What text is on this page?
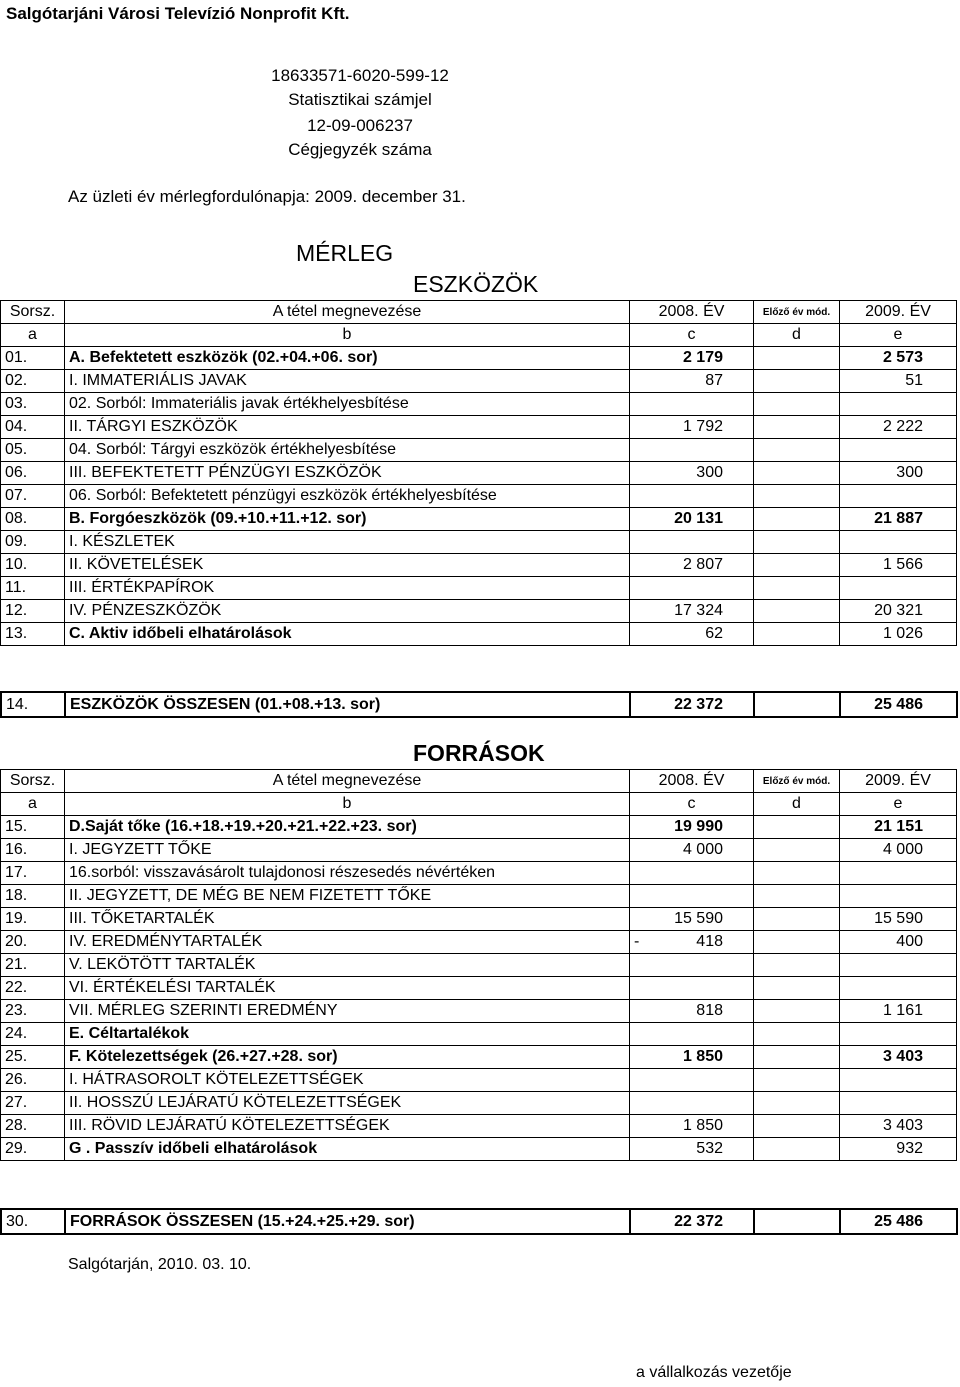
Salgótarjáni Városi Televízió Nonprofit Kft.
18633571-6020-599-12
Statisztikai számjel
12-09-006237
Cégjegyzék száma
Az üzleti év mérlegfordulónapja: 2009. december 31.
MÉRLEG
ESZKÖZÖK
Sorsz.	A tétel megnevezése	2008. ÉV	Előző év mód.	2009. ÉV
a	b	c	d	e
01.	A. Befektetett eszközök (02.+04.+06. sor)	2 179		2 573
02.	I. IMMATERIÁLIS JAVAK	87		51
03.	02. Sorból: Immateriális javak értékhelyesbítése			
04.	II. TÁRGYI ESZKÖZÖK	1 792		2 222
05.	04. Sorból: Tárgyi eszközök értékhelyesbítése			
06.	III. BEFEKTETETT PÉNZÜGYI ESZKÖZÖK	300		300
07.	06. Sorból: Befektetett pénzügyi eszközök értékhelyesbítése			
08.	B. Forgóeszközök (09.+10.+11.+12. sor)	20 131		21 887
09.	I. KÉSZLETEK			
10.	II. KÖVETELÉSEK	2 807		1 566
11.	III. ÉRTÉKPAPÍROK			
12.	IV. PÉNZESZKÖZÖK	17 324		20 321
13.	C. Aktiv időbeli elhatárolások	62		1 026
14.	ESZKÖZÖK ÖSSZESEN (01.+08.+13. sor)	22 372		25 486
FORRÁSOK
Sorsz.	A tétel megnevezése	2008. ÉV	Előző év mód.	2009. ÉV
a	b	c	d	e
15.	D.Saját tőke (16.+18.+19.+20.+21.+22.+23. sor)	19 990		21 151
16.	I. JEGYZETT TŐKE	4 000		4 000
17.	16.sorból: visszavásárolt tulajdonosi részesedés névértéken			
18.	II. JEGYZETT, DE MÉG BE NEM FIZETETT TŐKE			
19.	III. TŐKETARTALÉK	15 590		15 590
20.	IV. EREDMÉNYTARTALÉK	- 418		400
21.	V. LEKÖTÖTT TARTALÉK			
22.	VI. ÉRTÉKELÉSI TARTALÉK			
23.	VII. MÉRLEG SZERINTI EREDMÉNY	818		1 161
24.	E. Céltartalékok			
25.	F. Kötelezettségek (26.+27.+28. sor)	1 850		3 403
26.	I. HÁTRASOROLT KÖTELEZETTSÉGEK			
27.	II. HOSSZÚ LEJÁRATÚ KÖTELEZETTSÉGEK			
28.	III. RÖVID LEJÁRATÚ KÖTELEZETTSÉGEK	1 850		3 403
29.	G . Passzív időbeli elhatárolások	532		932
30.	FORRÁSOK ÖSSZESEN (15.+24.+25.+29. sor)	22 372		25 486
Salgótarján, 2010. 03. 10.
a vállalkozás vezetője
